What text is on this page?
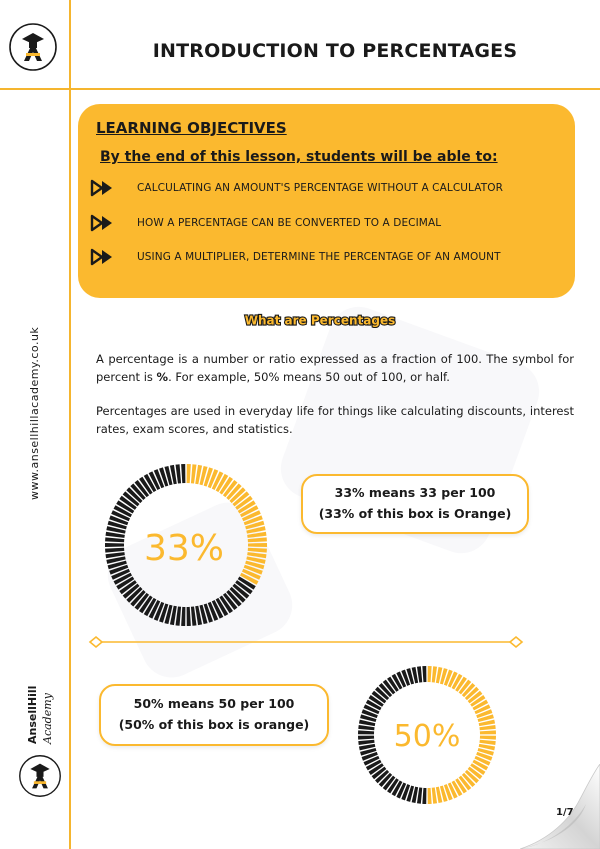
INTRODUCTION TO PERCENTAGES
LEARNING OBJECTIVES
By the end of this lesson, students will be able to:
CALCULATING AN AMOUNT'S PERCENTAGE WITHOUT A CALCULATOR
HOW A PERCENTAGE CAN BE CONVERTED TO A DECIMAL
USING A MULTIPLIER, DETERMINE THE PERCENTAGE OF AN AMOUNT
What are Percentages
A percentage is a number or ratio expressed as a fraction of 100. The symbol for percent is %. For example, 50% means 50 out of 100, or half.
Percentages are used in everyday life for things like calculating discounts, interest rates, exam scores, and statistics.
www.ansellhillacademy.co.uk
33%
33% means 33 per 100
(33% of this box is Orange)
50% means 50 per 100
(50% of this box is orange)	50%
AnsellHill Academy
1/7
